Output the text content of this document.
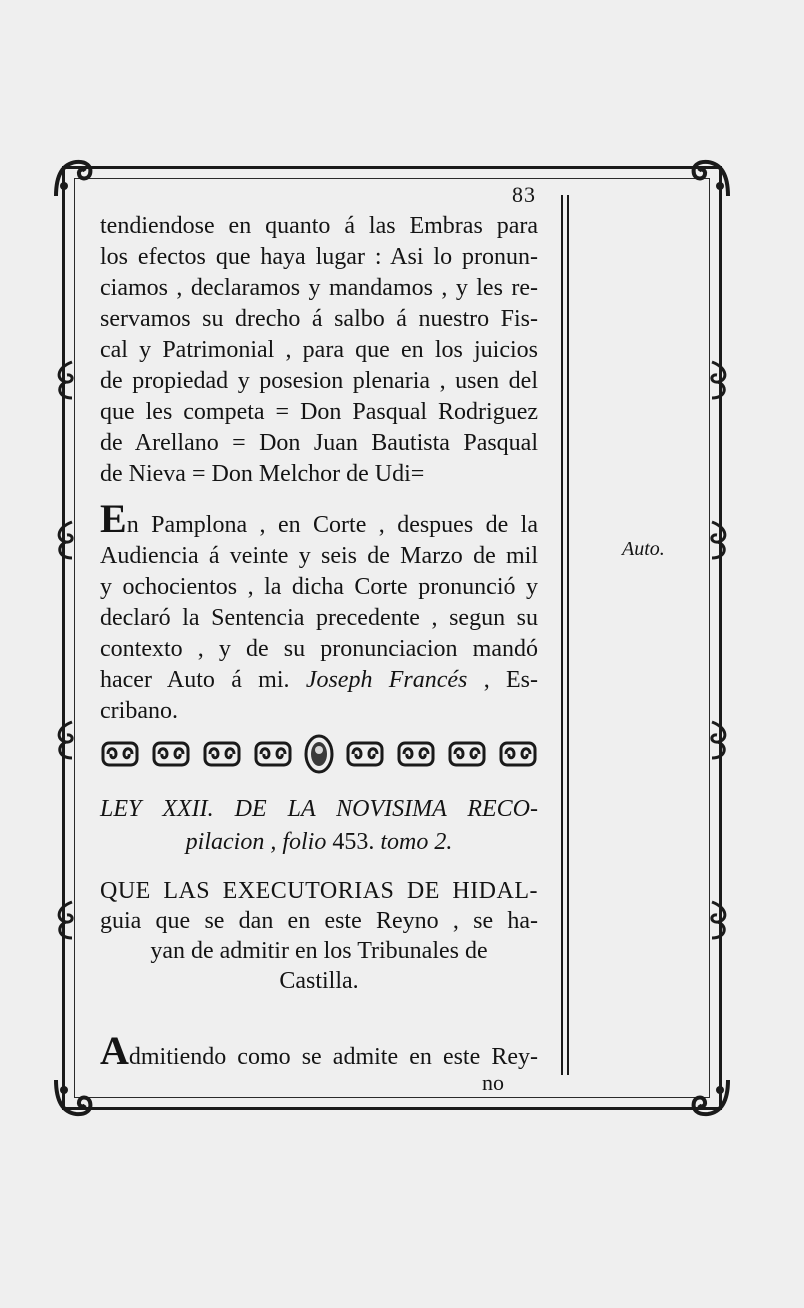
83
tendiendose en quanto á las Embras para
los efectos que haya lugar : Asi lo pronun-
ciamos , declaramos y mandamos , y les re-
servamos su drecho á salbo á nuestro Fis-
cal y Patrimonial , para que en los juicios
de propiedad y posesion plenaria , usen del
que les competa = Don Pasqual Rodriguez
de Arellano = Don Juan Bautista Pasqual
de Nieva = Don Melchor de Udi=
En Pamplona , en Corte , despues de la
Audiencia á veinte y seis de Marzo de mil
y ochocientos , la dicha Corte pronunció y
declaró la Sentencia precedente , segun su
contexto , y de su pronunciacion mandó
hacer Auto á mi. Joseph Francés , Es-
cribano.
Auto.
LEY XXII. DE LA NOVISIMA RECO-
pilacion , folio 453. tomo 2.
QUE LAS EXECUTORIAS DE HIDAL-
guia que se dan en este Reyno , se ha-
yan de admitir en los Tribunales de
Castilla.
Admitiendo como se admite en este Rey-
no
